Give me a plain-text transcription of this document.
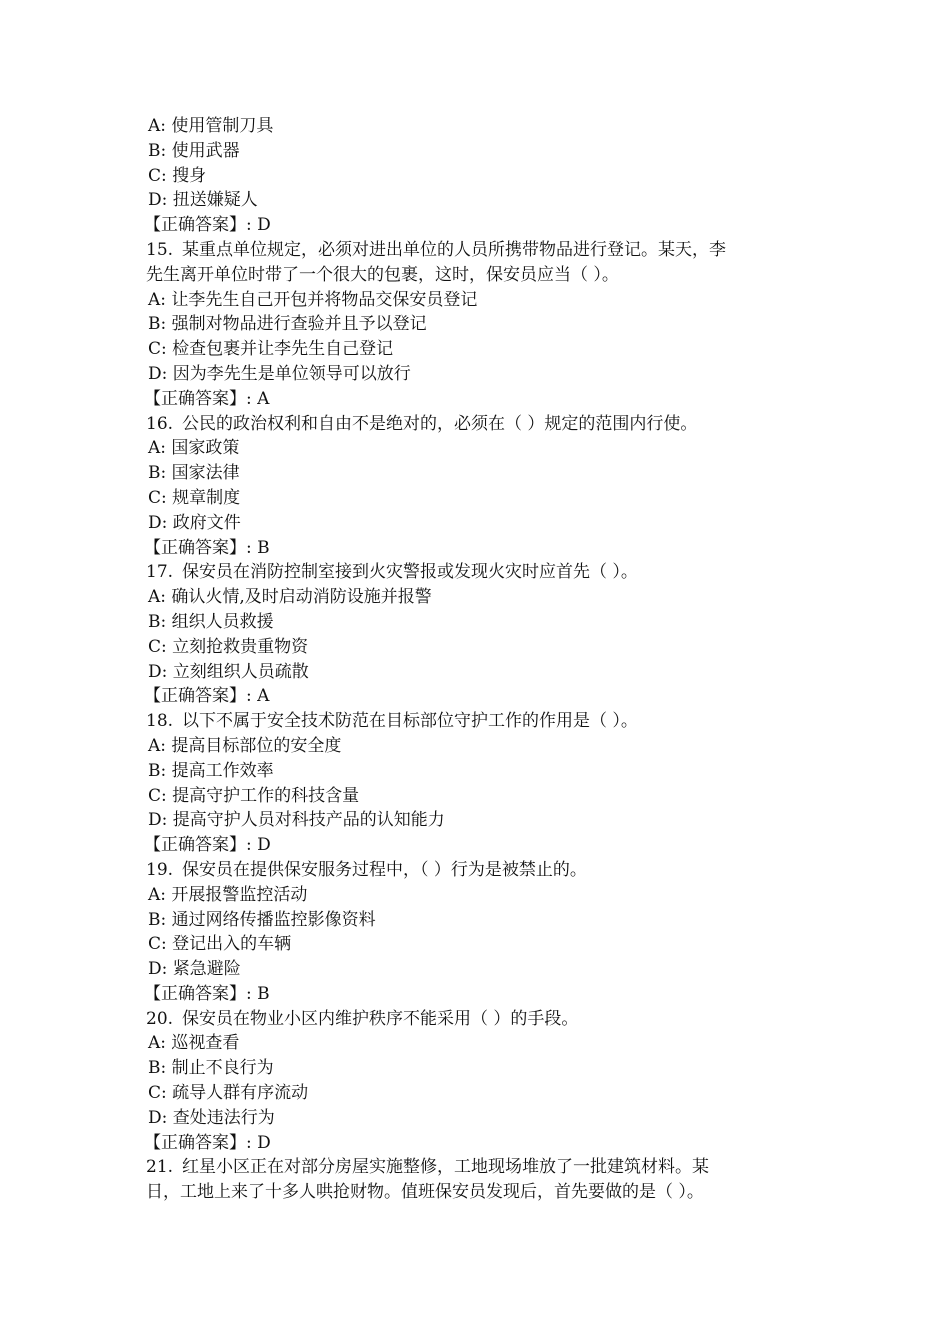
A: 使用管制刀具
B: 使用武器
C: 搜身
D: 扭送嫌疑人
【正确答案】: D
15. 某重点单位规定，必须对进出单位的人员所携带物品进行登记。某天，李
先生离开单位时带了一个很大的包裹，这时，保安员应当（ ）。
A: 让李先生自己开包并将物品交保安员登记
B: 强制对物品进行查验并且予以登记
C: 检查包裹并让李先生自己登记
D: 因为李先生是单位领导可以放行
【正确答案】: A
16. 公民的政治权利和自由不是绝对的，必须在（ ）规定的范围内行使。
A: 国家政策
B: 国家法律
C: 规章制度
D: 政府文件
【正确答案】: B
17. 保安员在消防控制室接到火灾警报或发现火灾时应首先（ ）。
A: 确认火情,及时启动消防设施并报警
B: 组织人员救援
C: 立刻抢救贵重物资
D: 立刻组织人员疏散
【正确答案】: A
18. 以下不属于安全技术防范在目标部位守护工作的作用是（ ）。
A: 提高目标部位的安全度
B: 提高工作效率
C: 提高守护工作的科技含量
D: 提高守护人员对科技产品的认知能力
【正确答案】: D
19. 保安员在提供保安服务过程中，（ ）行为是被禁止的。
A: 开展报警监控活动
B: 通过网络传播监控影像资料
C: 登记出入的车辆
D: 紧急避险
【正确答案】: B
20. 保安员在物业小区内维护秩序不能采用（ ）的手段。
A: 巡视查看
B: 制止不良行为
C: 疏导人群有序流动
D: 查处违法行为
【正确答案】: D
21. 红星小区正在对部分房屋实施整修，工地现场堆放了一批建筑材料。某
日，工地上来了十多人哄抢财物。值班保安员发现后，首先要做的是（ ）。
